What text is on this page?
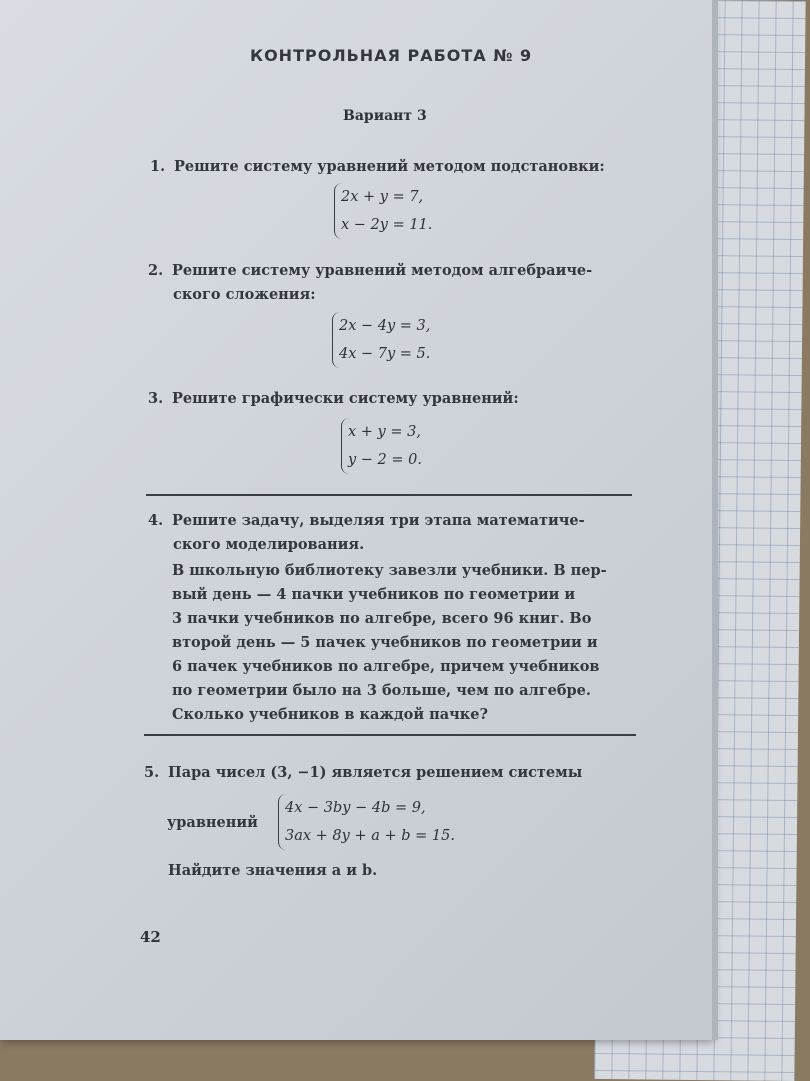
КОНТРОЛЬНАЯ РАБОТА № 9
Вариант 3
1. Решите систему уравнений методом подстановки:
2x + y = 7,
x − 2y = 11.
2. Решите систему уравнений методом алгебраиче-
ского сложения:
2x − 4y = 3,
4x − 7y = 5.
3. Решите графически систему уравнений:
x + y = 3,
y − 2 = 0.
4. Решите задачу, выделяя три этапа математиче-
ского моделирования.
В школьную библиотеку завезли учебники. В пер-
вый день — 4 пачки учебников по геометрии и
3 пачки учебников по алгебре, всего 96 книг. Во
второй день — 5 пачек учебников по геометрии и
6 пачек учебников по алгебре, причем учебников
по геометрии было на 3 больше, чем по алгебре.
Сколько учебников в каждой пачке?
5. Пара чисел (3, −1) является решением системы
уравнений
4x − 3by − 4b = 9,
3ax + 8y + a + b = 15.
Найдите значения a и b.
42
